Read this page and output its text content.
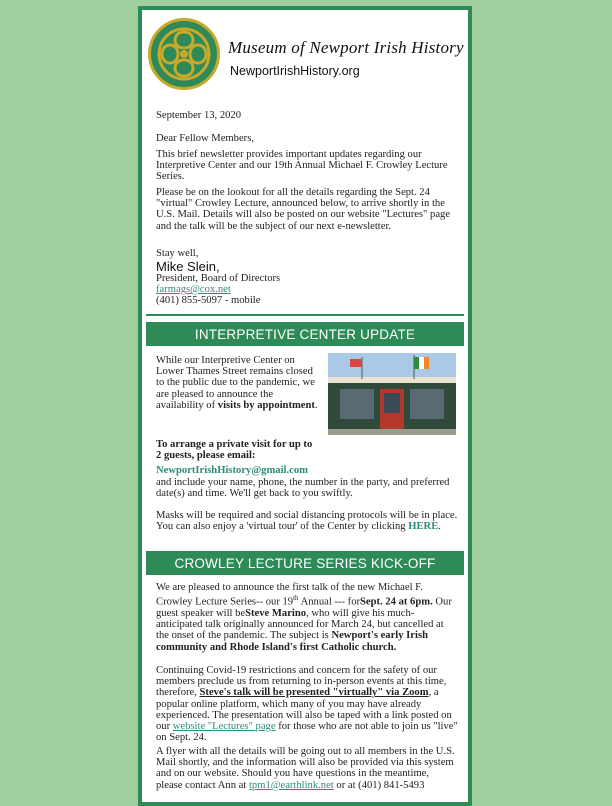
Museum of Newport Irish History
NewportIrishHistory.org
September 13, 2020
Dear Fellow Members,
This brief newsletter provides important updates regarding our Interpretive Center and our 19th Annual Michael F. Crowley Lecture Series.
Please be on the lookout for all the details regarding the Sept. 24 "virtual" Crowley Lecture, announced below, to arrive shortly in the U.S. Mail. Details will also be posted on our website "Lectures" page and the talk will be the subject of our next e-newsletter.
Stay well,
Mike Slein,
President, Board of Directors
farmags@cox.net
(401) 855-5097 - mobile
INTERPRETIVE CENTER UPDATE
While our Interpretive Center on Lower Thames Street remains closed to the public due to the pandemic, we are pleased to announce the availability of visits by appointment.
To arrange a private visit for up to 2 guests, please email:
NewportIrishHistory@gmail.com
and include your name, phone, the number in the party, and preferred date(s) and time. We'll get back to you swiftly.
Masks will be required and social distancing protocols will be in place. You can also enjoy a 'virtual tour' of the Center by clicking HERE.
CROWLEY LECTURE SERIES KICK-OFF
We are pleased to announce the first talk of the new Michael F. Crowley Lecture Series-- our 19th Annual --- forSept. 24 at 6pm. Our guest speaker will beSteve Marino, who will give his much-anticipated talk originally announced for March 24, but cancelled at the onset of the pandemic. The subject is Newport's early Irish community and Rhode Island's first Catholic church.
Continuing Covid-19 restrictions and concern for the safety of our members preclude us from returning to in-person events at this time, therefore, Steve's talk will be presented "virtually" via Zoom, a popular online platform, which many of you may have already experienced. The presentation will also be taped with a link posted on our website "Lectures" page for those who are not able to join us "live" on Sept. 24.
A flyer with all the details will be going out to all members in the U.S. Mail shortly, and the information will also be provided via this system and on our website. Should you have questions in the meantime, please contact Ann at tpm1@earthlink.net or at (401) 841-5493
